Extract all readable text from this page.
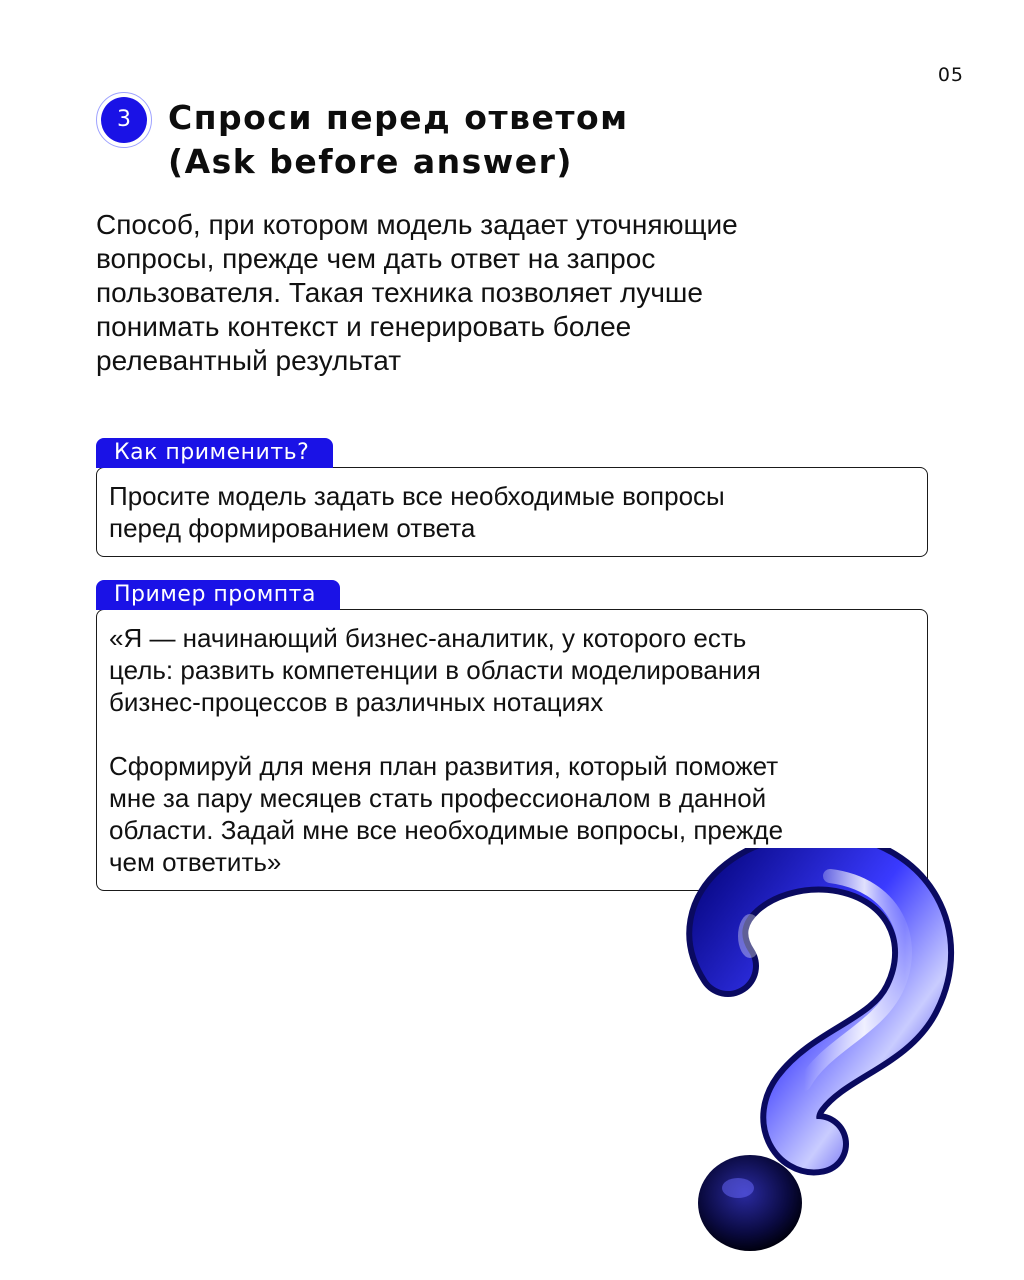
05
3	Спроси перед ответом
(Ask before answer)
Способ, при котором модель задает уточняющие
вопросы, прежде чем дать ответ на запрос
пользователя. Такая техника позволяет лучше
понимать контекст и генерировать более
релевантный результат
Как применить?

Просите модель задать все необходимые вопросы
перед формированием ответа

Пример промпта

«Я — начинающий бизнес-аналитик, у которого есть
цель: развить компетенции в области моделирования
бизнес-процессов в различных нотациях

Сформируй для меня план развития, который поможет
мне за пару месяцев стать профессионалом в данной
области. Задай мне все необходимые вопросы, прежде
чем ответить»
